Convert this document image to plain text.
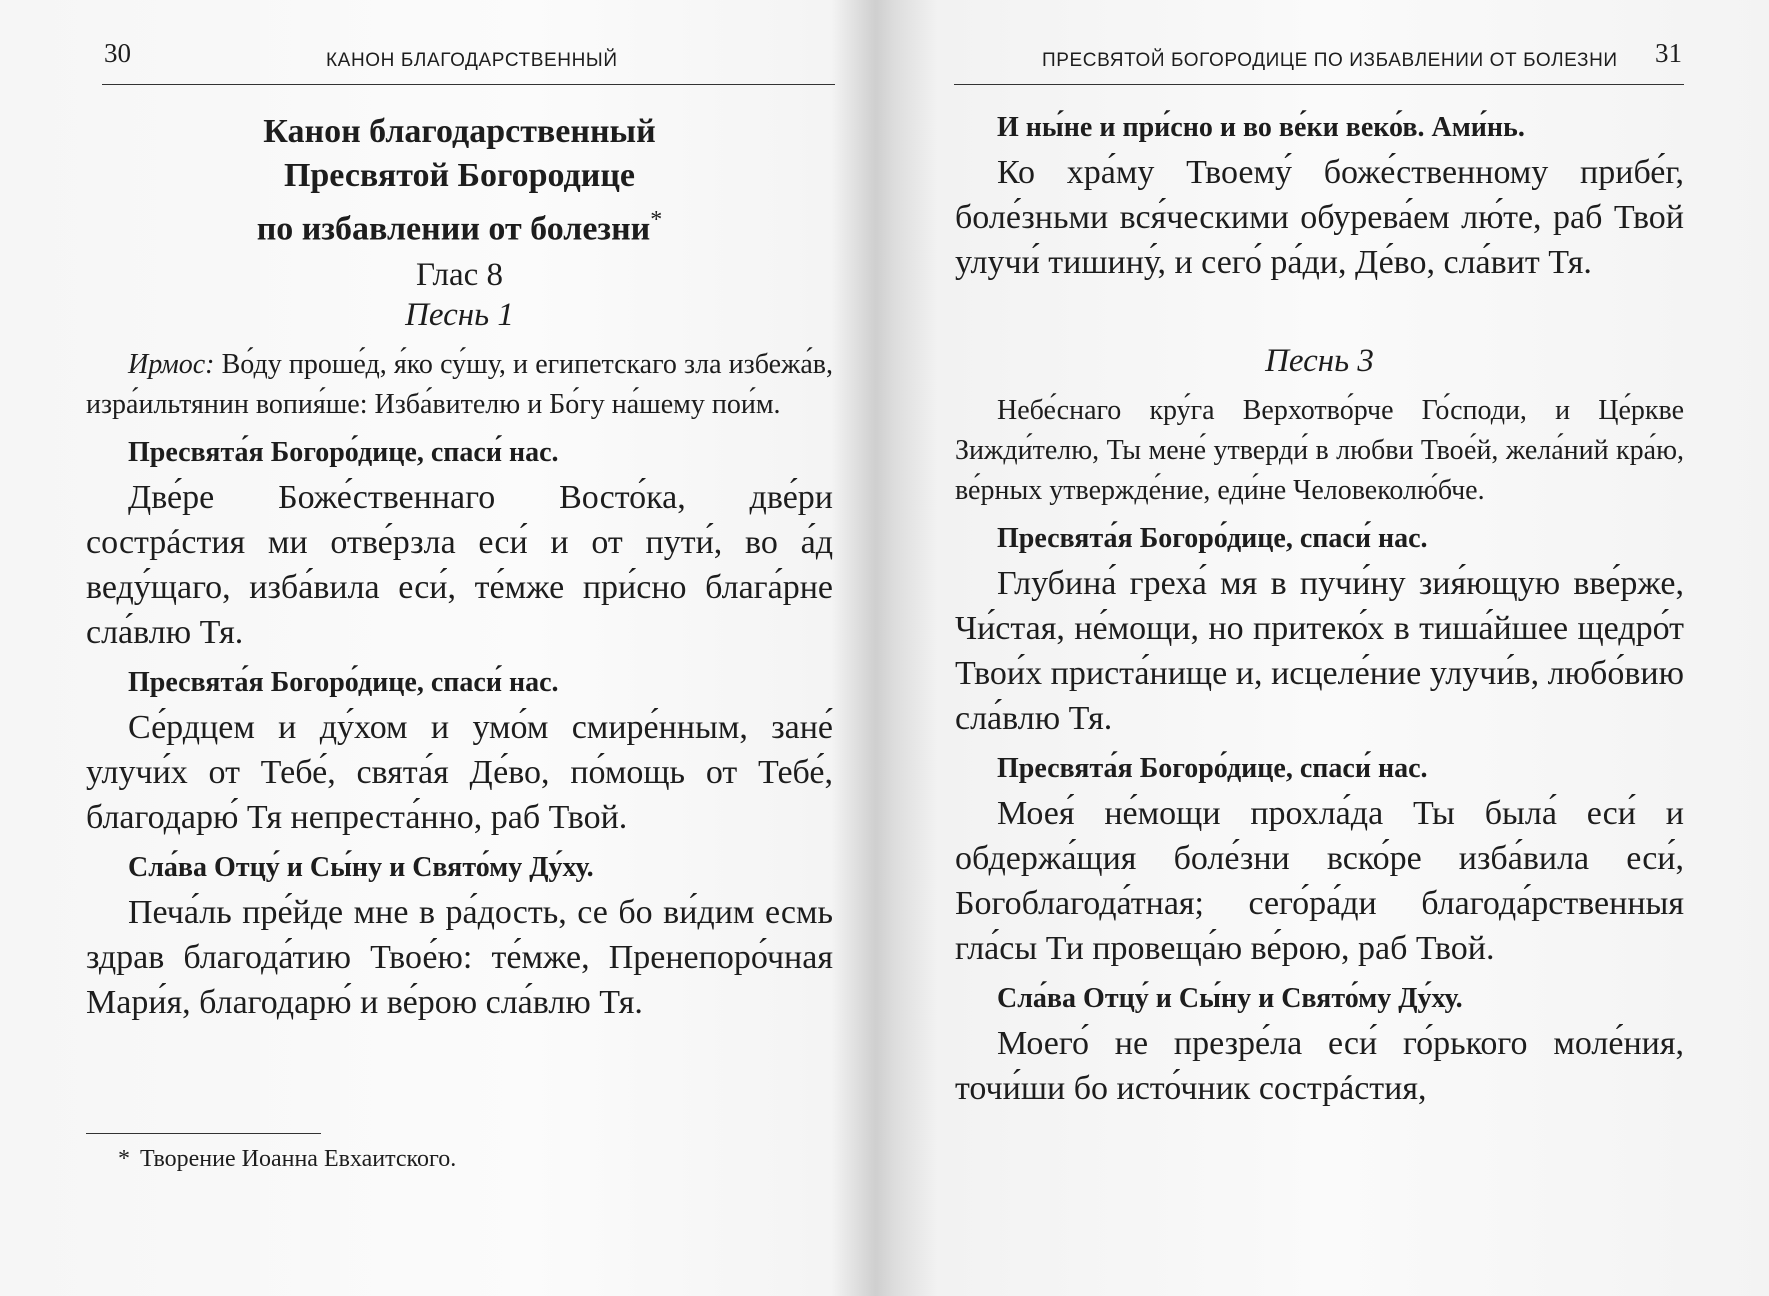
30	КАНОН БЛАГОДАРСТВЕННЫЙ

Канон благодарственный
Пресвятой Богородице
по избавлении от болезни*

Глас 8

Песнь 1

Ирмос: Во́ду проше́д, я́ко су́шу, и египетскаго зла избежа́в, изра́ильтянин вопия́ше: Изба́вителю и Бо́гу на́шему пои́м.

Пресвята́я Богоро́дице, спаси́ нас.

Две́ре Боже́ственнаго Восто́ка, две́ри сострáстия ми отве́рзла еси́ и от пути́, во а́д веду́щаго, изба́вила еси́, те́мже при́сно блага́рне сла́влю Тя.

Пресвята́я Богоро́дице, спаси́ нас.

Се́рдцем и ду́хом и умо́м смире́нным, зане́ улучи́х от Тебе́, свята́я Де́во, по́мощь от Тебе́, благодарю́ Тя непреста́нно, раб Твой.

Сла́ва Отцу́ и Сы́ну и Свято́му Ду́ху.

Печа́ль пре́йде мне в ра́дость, се бо ви́дим есмь здрав благода́тию Твое́ю: те́мже, Пренепоро́чная Мари́я, благодарю́ и ве́рою сла́влю Тя.

* Творение Иоанна Евхаитского.
ПРЕСВЯТОЙ БОГОРОДИЦЕ ПО ИЗБАВЛЕНИИ ОТ БОЛЕЗНИ 31

И ны́не и при́сно и во ве́ки веко́в. Ами́нь.

Ко хра́му Твоему́ боже́ственному прибе́г, боле́зньми вся́ческими обурева́ем лю́те, раб Твой улучи́ тишину́, и сего́ ра́ди, Де́во, сла́вит Тя.

Песнь 3

Небе́снаго кру́га Верхотво́рче Го́споди, и Це́ркве Зижди́телю, Ты мене́ утверди́ в любви Твое́й, жела́ний кра́ю, ве́рных утвержде́ние, еди́не Человеколю́бче.

Пресвята́я Богоро́дице, спаси́ нас.

Глубина́ греха́ мя в пучи́ну зия́ющую вве́рже, Чи́стая, не́мощи, но притеко́х в тиша́йшее щедро́т Твои́х приста́нище и, исцеле́ние улучи́в, любо́вию сла́влю Тя.

Пресвята́я Богоро́дице, спаси́ нас.

Моея́ не́мощи прохла́да Ты была́ еси́ и обдержа́щия боле́зни вско́ре изба́вила еси́, Богоблагода́тная; сего́ра́ди благода́рственныя гла́сы Ти провеща́ю ве́рою, раб Твой.

Сла́ва Отцу́ и Сы́ну и Свято́му Ду́ху.

Моего́ не презре́ла еси́ го́рького моле́ния, точи́ши бо исто́чник сострáстия,
